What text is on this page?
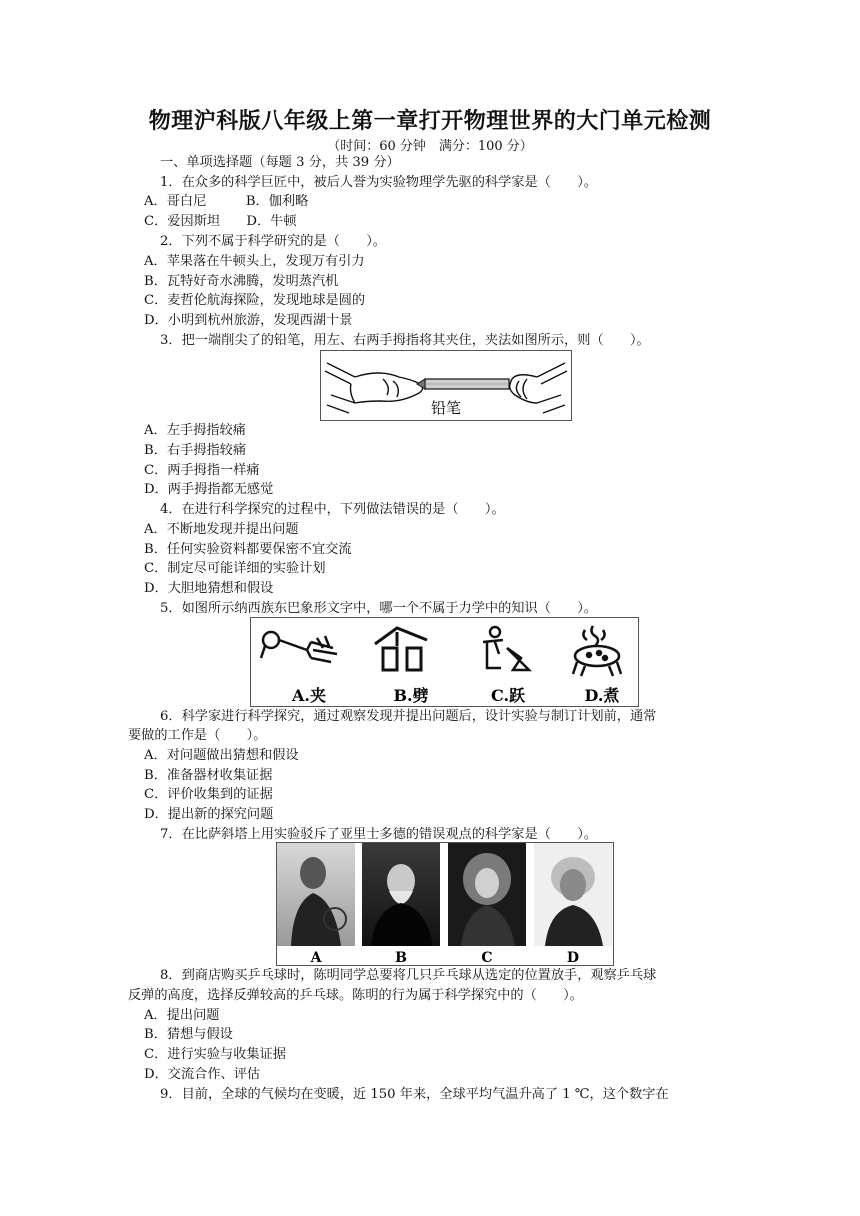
物理沪科版八年级上第一章打开物理世界的大门单元检测
（时间：60 分钟　满分：100 分）
一、单项选择题（每题 3 分，共 39 分）
1．在众多的科学巨匠中，被后人誉为实验物理学先驱的科学家是（　　）。
A．哥白尼　　　B．伽利略
C．爱因斯坦　　D．牛顿
2．下列不属于科学研究的是（　　）。
A．苹果落在牛顿头上，发现万有引力
B．瓦特好奇水沸腾，发明蒸汽机
C．麦哲伦航海探险，发现地球是圆的
D．小明到杭州旅游，发现西湖十景
3．把一端削尖了的铅笔，用左、右两手拇指将其夹住，夹法如图所示，则（　　）。
铅笔
A．左手拇指较痛
B．右手拇指较痛
C．两手拇指一样痛
D．两手拇指都无感觉
4．在进行科学探究的过程中，下列做法错误的是（　　）。
A．不断地发现并提出问题
B．任何实验资料都要保密不宜交流
C．制定尽可能详细的实验计划
D．大胆地猜想和假设
5．如图所示纳西族东巴象形文字中，哪一个不属于力学中的知识（　　）。
A.夹	B.劈	C.跃	D.煮
6．科学家进行科学探究，通过观察发现并提出问题后，设计实验与制订计划前，通常
要做的工作是（　　）。
A．对问题做出猜想和假设
B．准备器材收集证据
C．评价收集到的证据
D．提出新的探究问题
7．在比萨斜塔上用实验驳斥了亚里士多德的错误观点的科学家是（　　）。
A	B	C	D
8．到商店购买乒乓球时，陈明同学总要将几只乒乓球从选定的位置放手，观察乒乓球
反弹的高度，选择反弹较高的乒乓球。陈明的行为属于科学探究中的（　　）。
A．提出问题
B．猜想与假设
C．进行实验与收集证据
D．交流合作、评估
9．目前，全球的气候均在变暖，近 150 年来，全球平均气温升高了 1 ℃，这个数字在
